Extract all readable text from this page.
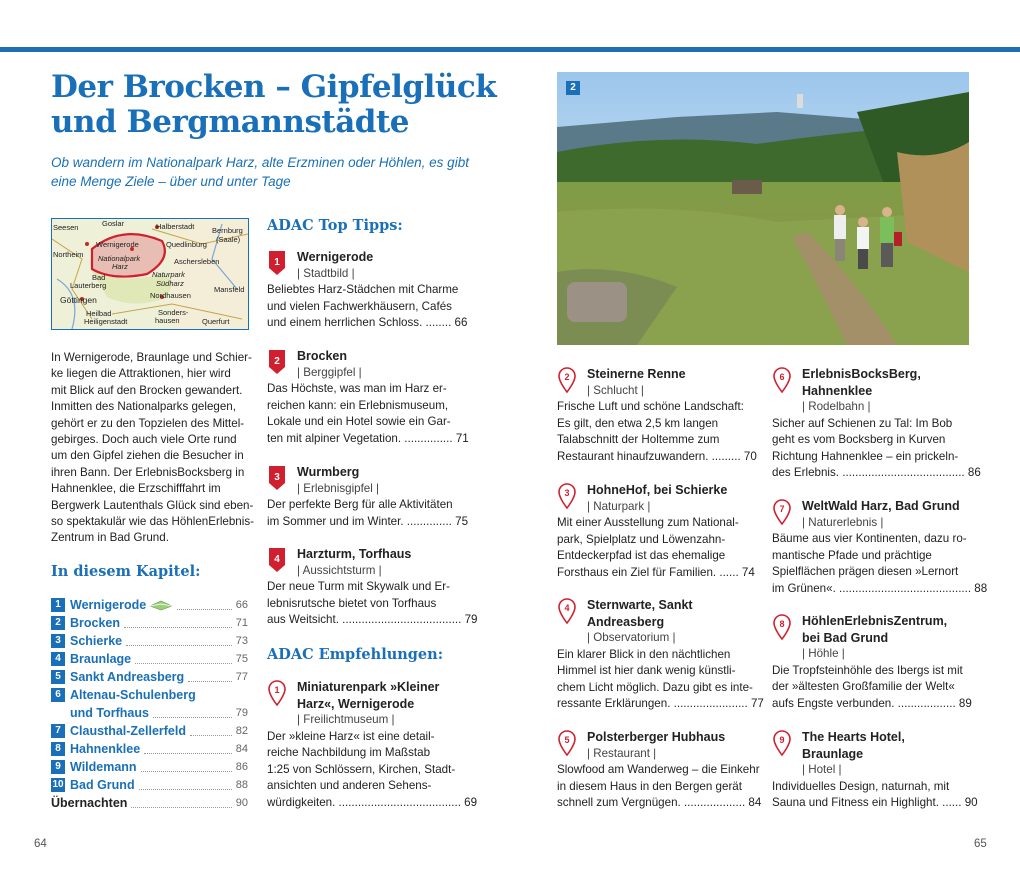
Der Brocken – Gipfelglück
und Bergmannstädte
Ob wandern im Nationalpark Harz, alte Erzminen oder Höhlen, es gibt
eine Menge Ziele – über und unter Tage
Seesen	Goslar	Halberstadt Bernburg
(Saale)
Northeim
Wernigerode	Quedlinburg
Nationalpark
Harz
Aschersleben
Naturpark
Südharz
Bad
Lauterberg	Mansfeld
Göttingen	Nordhausen
Heilbad
Heiligenstadt
Sonders-
hausen	Querfurt
In Wernigerode, Braunlage und Schier-
ke liegen die Attraktionen, hier wird
mit Blick auf den Brocken gewandert.
Inmitten des Nationalparks gelegen,
gehört er zu den Topzielen des Mittel-
gebirges. Doch auch viele Orte rund
um den Gipfel ziehen die Besucher in
ihren Bann. Der ErlebnisBocksberg in
Hahnenklee, die Erzschifffahrt im
Bergwerk Lautenthals Glück sind eben-
so spektakulär wie das HöhlenErlebnis-
Zentrum in Bad Grund.
In diesem Kapitel:
1 Wernigerode	66
2 Brocken	71
3 Schierke	73
4 Braunlage	75
5 Sankt Andreasberg	77
6 Altenau-Schulenberg
und Torfhaus	79
7 Clausthal-Zellerfeld	82
8 Hahnenklee	84
9 Wildemann	86
10 Bad Grund	88
Übernachten	90
ADAC Top Tipps:
1	Wernigerode
| Stadtbild |
Beliebtes Harz-Städchen mit Charme
und vielen Fachwerkhäusern, Cafés
und einem herrlichen Schloss. ........ 66
2	Brocken
| Berggipfel |
Das Höchste, was man im Harz er-
reichen kann: ein Erlebnismuseum,
Lokale und ein Hotel sowie ein Gar-
ten mit alpiner Vegetation. ............... 71
3	Wurmberg
| Erlebnisgipfel |
Der perfekte Berg für alle Aktivitäten
im Sommer und im Winter. .............. 75
4	Harzturm, Torfhaus
| Aussichtsturm |
Der neue Turm mit Skywalk und Er-
lebnisrutsche bietet von Torfhaus
aus Weitsicht. ..................................... 79
ADAC Empfehlungen:
1	Miniaturenpark »Kleiner
Harz«, Wernigerode
| Freilichtmuseum |
Der »kleine Harz« ist eine detail-
reiche Nachbildung im Maßstab
1:25 von Schlössern, Kirchen, Stadt-
ansichten und anderen Sehens-
würdigkeiten. ...................................... 69
2
2	Steinerne Renne
| Schlucht |
Frische Luft und schöne Landschaft:
Es gilt, den etwa 2,5 km langen
Talabschnitt der Holtemme zum
Restaurant hinaufzuwandern. ......... 70
3	HohneHof, bei Schierke
| Naturpark |
Mit einer Ausstellung zum National-
park, Spielplatz und Löwenzahn-
Entdeckerpfad ist das ehemalige
Forsthaus ein Ziel für Familien. ...... 74
4	Sternwarte, Sankt
Andreasberg
| Observatorium |
Ein klarer Blick in den nächtlichen
Himmel ist hier dank wenig künstli-
chem Licht möglich. Dazu gibt es inte-
ressante Erklärungen. ....................... 77
5	Polsterberger Hubhaus
| Restaurant |
Slowfood am Wanderweg – die Einkehr
in diesem Haus in den Bergen gerät
schnell zum Vergnügen. ................... 84
6	ErlebnisBocksBerg,
Hahnenklee
| Rodelbahn |
Sicher auf Schienen zu Tal: Im Bob
geht es vom Bocksberg in Kurven
Richtung Hahnenklee – ein prickeln-
des Erlebnis. ...................................... 86
7	WeltWald Harz, Bad Grund
| Naturerlebnis |
Bäume aus vier Kontinenten, dazu ro-
mantische Pfade und prächtige
Spielflächen prägen diesen »Lernort
im Grünen«. ......................................... 88
8	HöhlenErlebnisZentrum,
bei Bad Grund
| Höhle |
Die Tropfsteinhöhle des Ibergs ist mit
der »ältesten Großfamilie der Welt«
aufs Engste verbunden. .................. 89
9	The Hearts Hotel,
Braunlage
| Hotel |
Individuelles Design, naturnah, mit
Sauna und Fitness ein Highlight. ...... 90
64	65
